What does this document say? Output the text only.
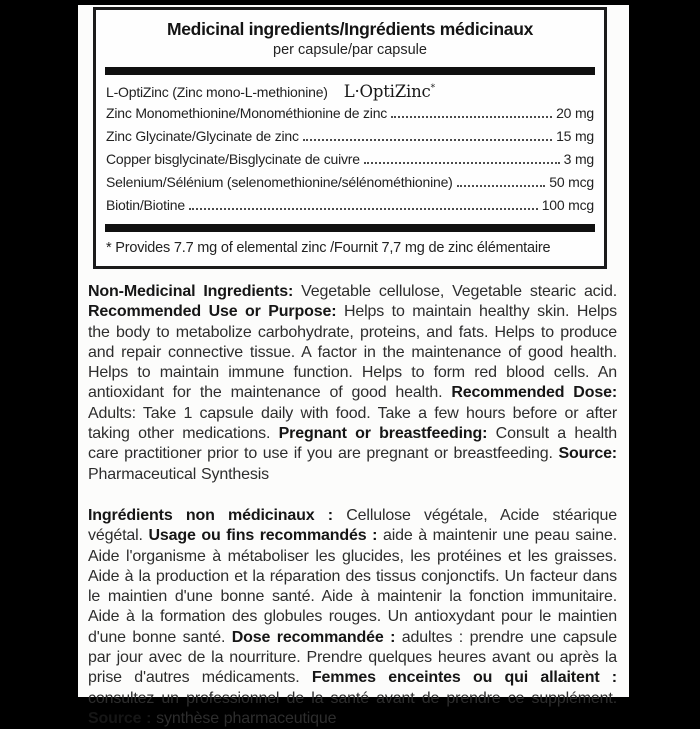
Medicinal ingredients/Ingrédients médicinaux
per capsule/par capsule
L-OptiZinc (Zinc mono-L-methionine) L·OptiZinc*
Zinc Monomethionine/Monométhionine de zinc	20 mg
Zinc Glycinate/Glycinate de zinc	15 mg
Copper bisglycinate/Bisglycinate de cuivre	3 mg
Selenium/Sélénium (selenomethionine/sélénométhionine)	50 mcg
Biotin/Biotine	100 mcg
* Provides 7.7 mg of elemental zinc /Fournit 7,7 mg de zinc élémentaire
Non-Medicinal Ingredients: Vegetable cellulose, Vegetable stearic acid. Recommended Use or Purpose: Helps to maintain healthy skin. Helps the body to metabolize carbohydrate, proteins, and fats. Helps to produce and repair connective tissue. A factor in the maintenance of good health. Helps to maintain immune function. Helps to form red blood cells. An antioxidant for the maintenance of good health. Recommended Dose: Adults: Take 1 capsule daily with food. Take a few hours before or after taking other medications. Pregnant or breastfeeding: Consult a health care practitioner prior to use if you are pregnant or breastfeeding. Source: Pharmaceutical Synthesis
Ingrédients non médicinaux : Cellulose végétale, Acide stéarique végétal. Usage ou fins recommandés : aide à maintenir une peau saine. Aide l'organisme à métaboliser les glucides, les protéines et les graisses. Aide à la production et la réparation des tissus conjonctifs. Un facteur dans le maintien d'une bonne santé. Aide à maintenir la fonction immunitaire. Aide à la formation des globules rouges. Un antioxydant pour le maintien d'une bonne santé. Dose recommandée : adultes : prendre une capsule par jour avec de la nourriture. Prendre quelques heures avant ou après la prise d'autres médicaments. Femmes enceintes ou qui allaitent : consultez un professionnel de la santé avant de prendre ce supplément. Source : synthèse pharmaceutique
